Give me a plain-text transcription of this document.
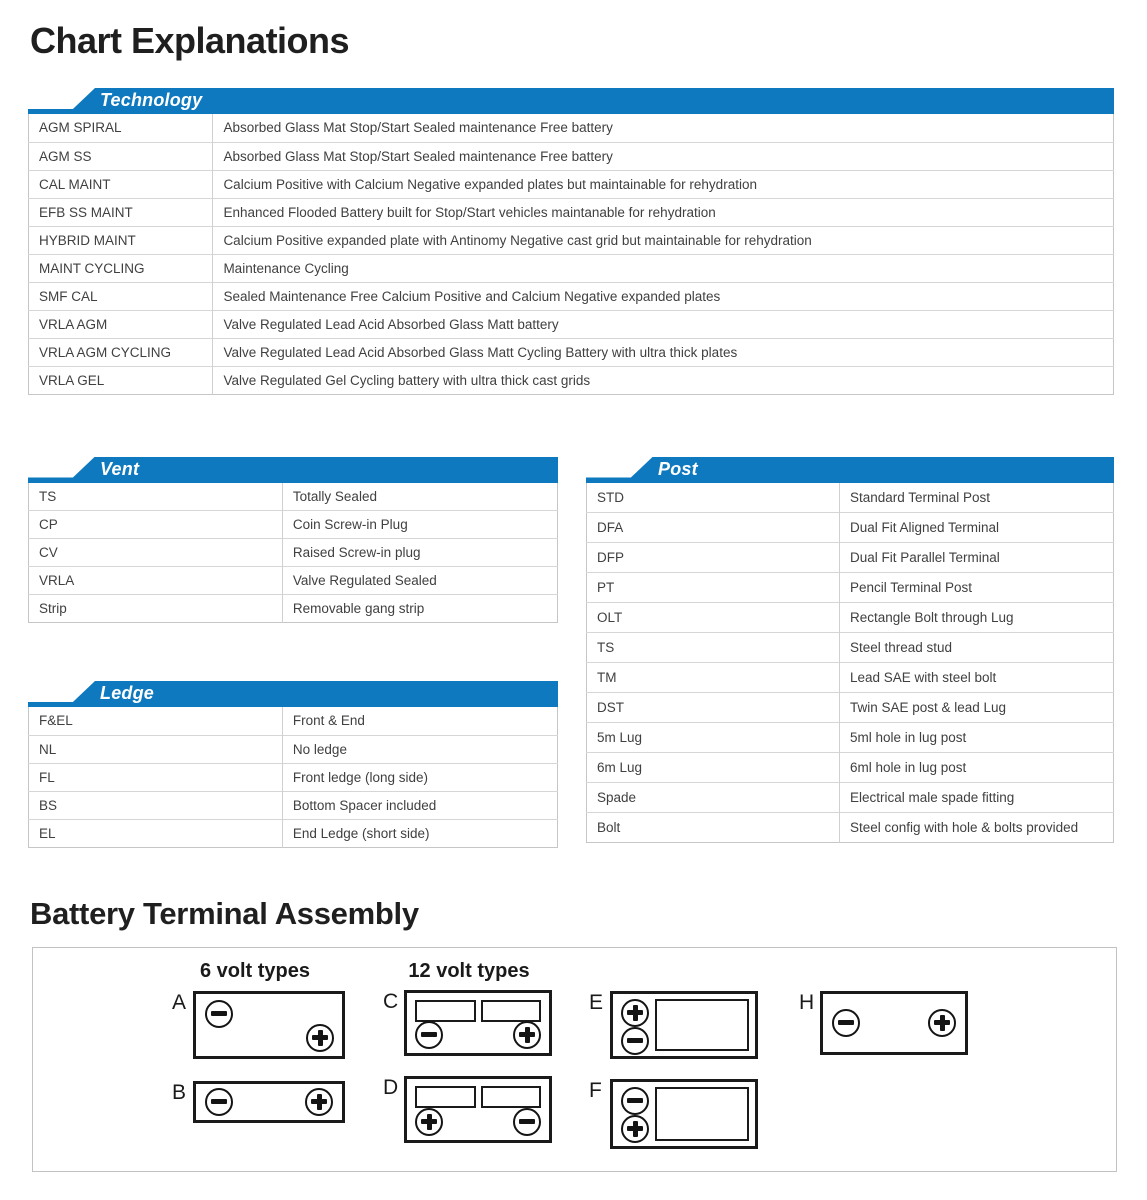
Chart Explanations
Technology
AGM SPIRAL	Absorbed Glass Mat Stop/Start Sealed maintenance Free battery
AGM SS	Absorbed Glass Mat Stop/Start Sealed maintenance Free battery
CAL MAINT	Calcium Positive with Calcium Negative expanded plates but maintainable for rehydration
EFB SS MAINT	Enhanced Flooded Battery built for Stop/Start vehicles maintanable for rehydration
HYBRID MAINT	Calcium Positive expanded plate with Antinomy Negative cast grid but maintainable for rehydration
MAINT CYCLING	Maintenance Cycling
SMF CAL	Sealed Maintenance Free Calcium Positive and Calcium Negative expanded plates
VRLA AGM	Valve Regulated Lead Acid Absorbed Glass Matt battery
VRLA AGM CYCLING	Valve Regulated Lead Acid Absorbed Glass Matt Cycling Battery with ultra thick plates
VRLA GEL	Valve Regulated Gel Cycling battery with ultra thick cast grids
Vent
TS	Totally Sealed
CP	Coin Screw-in Plug
CV	Raised Screw-in plug
VRLA	Valve Regulated Sealed
Strip	Removable gang strip
Ledge
F&EL	Front & End
NL	No ledge
FL	Front ledge (long side)
BS	Bottom Spacer included
EL	End Ledge (short side)
Post
STD	Standard Terminal Post
DFA	Dual Fit Aligned Terminal
DFP	Dual Fit Parallel Terminal
PT	Pencil Terminal Post
OLT	Rectangle Bolt through Lug
TS	Steel thread stud
TM	Lead SAE with steel bolt
DST	Twin SAE post & lead Lug
5m Lug	5ml hole in lug post
6m Lug	6ml hole in lug post
Spade	Electrical male spade fitting
Bolt	Steel config with hole & bolts provided
Battery Terminal Assembly
6 volt types	12 volt types
A
B
C
D
E
F
H
